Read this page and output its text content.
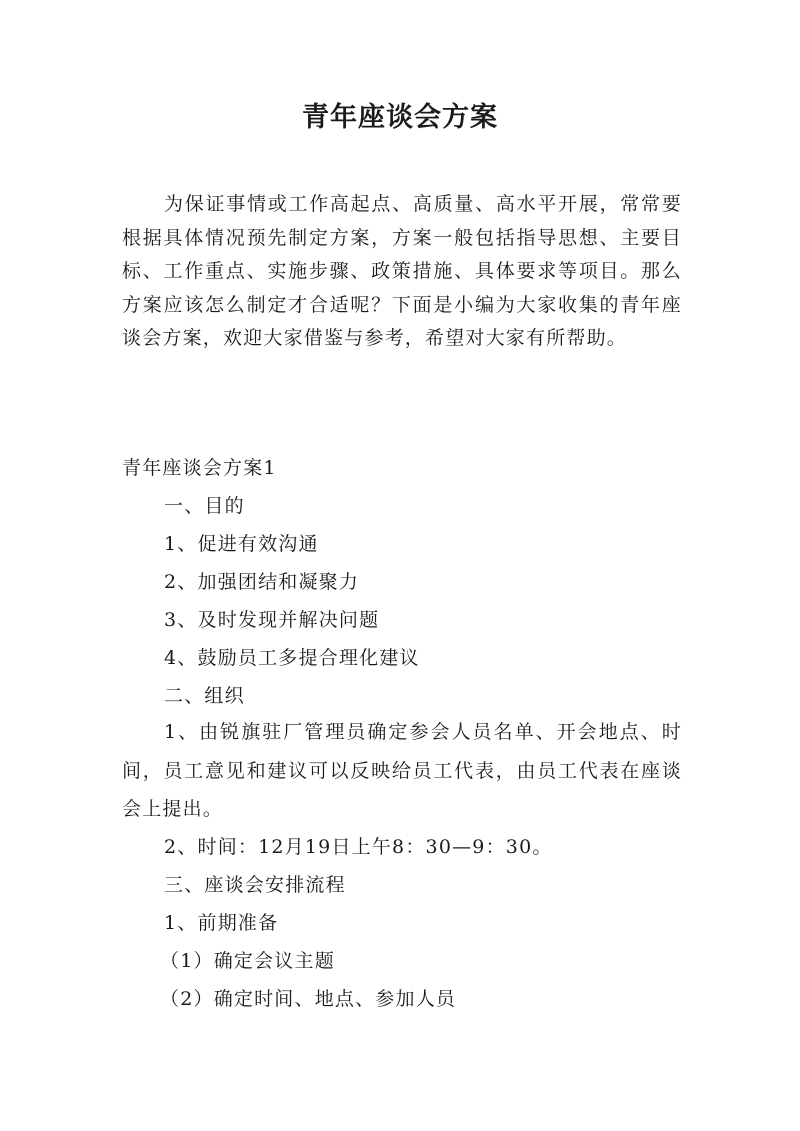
青年座谈会方案
为保证事情或工作高起点、高质量、高水平开展，常常要根据具体情况预先制定方案，方案一般包括指导思想、主要目标、工作重点、实施步骤、政策措施、具体要求等项目。那么方案应该怎么制定才合适呢？下面是小编为大家收集的青年座谈会方案，欢迎大家借鉴与参考，希望对大家有所帮助。
青年座谈会方案1
一、目的
1、促进有效沟通
2、加强团结和凝聚力
3、及时发现并解决问题
4、鼓励员工多提合理化建议
二、组织
1、由锐旗驻厂管理员确定参会人员名单、开会地点、时间，员工意见和建议可以反映给员工代表，由员工代表在座谈会上提出。
2、时间：12月19日上午8：30—9：30。
三、座谈会安排流程
1、前期准备
（1）确定会议主题
（2）确定时间、地点、参加人员
